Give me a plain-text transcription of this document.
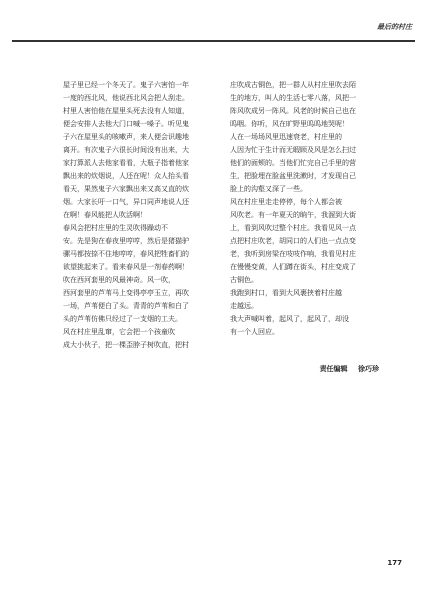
最后的村庄
屋子里已经一个冬天了。鬼子六害怕一年
一度的西北风，他说西北风会把人刮走。
村里人害怕他在屋里头死去没有人知道，
便会安排人去他大门口喊一嗓子。听见鬼
子六在屋里头的咳嗽声，来人便会识趣地
离开。有次鬼子六很长时间没有出来，大
家打算派人去他家看看，大瓶子指着他家
飘出来的炊烟说，人还在呢！众人抬头看
看天，果然鬼子六家飘出来又高又直的炊
烟。大家长吁一口气，异口同声地说人还
在啊！春风能把人吹活啊！
春风会把村庄里的生灵吹得躁动不
安。先是狗在春夜里哼哼，然后是猪猫驴
骡马都按捺不住地哼哼，春风把牲畜们的
欲望挑起来了。看来春风是一剂春药啊！
吹在西河套里的风最神奇。风一吹，
西河套里的芦苇马上变得亭亭玉立，再吹
一场，芦苇便白了头。青青的芦苇和白了
头的芦苇仿佛只经过了一支烟的工夫。
风在村庄里乱窜，它会把一个孩童吹
成大小伙子，把一棵歪脖子树吹直，把村
庄吹成古铜色，把一群人从村庄里吹去陌
生的地方，叫人的生活七零八落，风把一
阵风吹成另一阵风。风老的时候自己也在
呜咽。你听，风在旷野里呜呜地哭呢！
人在一场场风里迅速衰老，村庄里的
人因为忙于生计而无暇顾及风是怎么扫过
他们的面颊的。当他们忙完自己手里的营
生，把脸埋在脸盆里洗漱时，才发现自己
脸上的沟壑又深了一些。
风在村庄里走走停停，每个人都会被
风吹老。有一年夏天的晌午，我溜到大街
上，看到风吹过整个村庄。我看见风一点
点把村庄吹老，胡同口的人们也一点点变
老，我听到房梁在吱吱作响，我看见村庄
在慢慢变黄，人们蹲在街头，村庄变成了
古铜色。
我跑到村口，看到大风裹挟着村庄越
走越远。
我大声喊叫着，起风了，起风了，却没
有一个人回应。
责任编辑 徐巧珍
177
